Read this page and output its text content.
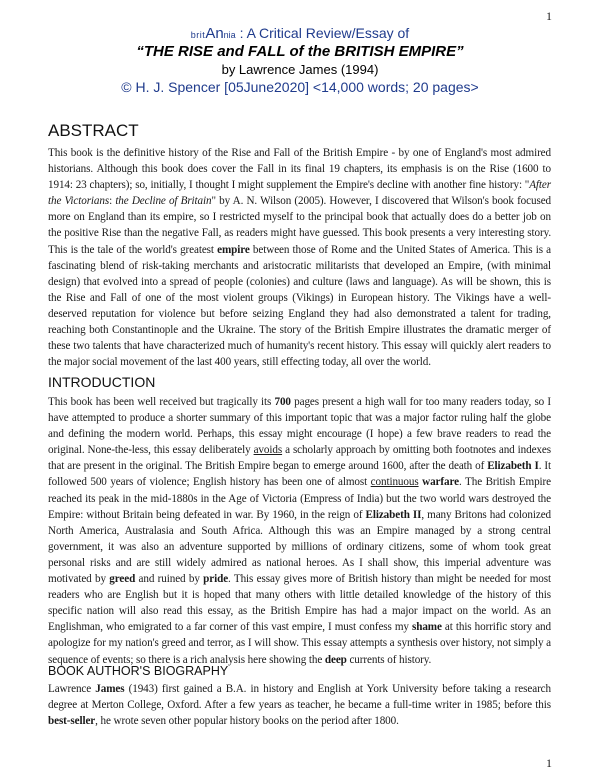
1
britAnnia : A Critical Review/Essay of
“THE RISE and FALL of the BRITISH EMPIRE”
by Lawrence James (1994)
© H. J. Spencer [05June2020] <14,000 words; 20 pages>
ABSTRACT

This book is the definitive history of the Rise and Fall of the British Empire - by one of England's most admired historians. Although this book does cover the Fall in its final 19 chapters, its emphasis is on the Rise (1600 to 1914: 23 chapters); so, initially, I thought I might supplement the Empire's decline with another fine history: "After the Victorians: the Decline of Britain" by A. N. Wilson (2005). However, I discovered that Wilson's book focused more on England than its empire, so I restricted myself to the principal book that actually does do a better job on the positive Rise than the negative Fall, as readers might have guessed. This book presents a very interesting story. This is the tale of the world's greatest empire between those of Rome and the United States of America. This is a fascinating blend of risk-taking merchants and aristocratic militarists that developed an Empire, (with minimal design) that evolved into a spread of people (colonies) and culture (laws and language). As will be shown, this is the Rise and Fall of one of the most violent groups (Vikings) in European history. The Vikings have a well-deserved reputation for violence but before seizing England they had also demonstrated a talent for trading, reaching both Constantinople and the Ukraine. The story of the British Empire illustrates the dramatic merger of these two talents that have characterized much of humanity's recent history. This essay will quickly alert readers to the major social movement of the last 400 years, still effecting today, all over the world.

INTRODUCTION

This book has been well received but tragically its 700 pages present a high wall for too many readers today, so I have attempted to produce a shorter summary of this important topic that was a major factor ruling half the globe and defining the modern world. Perhaps, this essay might encourage (I hope) a few brave readers to read the original. None-the-less, this essay deliberately avoids a scholarly approach by omitting both footnotes and indexes that are present in the original. The British Empire began to emerge around 1600, after the death of Elizabeth I. It followed 500 years of violence; English history has been one of almost continuous warfare. The British Empire reached its peak in the mid-1880s in the Age of Victoria (Empress of India) but the two world wars destroyed the Empire: without Britain being defeated in war. By 1960, in the reign of Elizabeth II, many Britons had colonized North America, Australasia and South Africa. Although this was an Empire managed by a strong central government, it was also an adventure supported by millions of ordinary citizens, some of whom took great personal risks and are still widely admired as national heroes. As I shall show, this imperial adventure was motivated by greed and ruined by pride. This essay gives more of British history than might be needed for most readers who are English but it is hoped that many others with little detailed knowledge of the history of this specific nation will also read this essay, as the British Empire has had a major impact on the world. As an Englishman, who emigrated to a far corner of this vast empire, I must confess my shame at this horrific story and apologize for my nation's greed and terror, as I will show. This essay attempts a synthesis over history, not simply a sequence of events; so there is a rich analysis here showing the deep currents of history.

BOOK AUTHOR'S BIOGRAPHY

Lawrence James (1943) first gained a B.A. in history and English at York University before taking a research degree at Merton College, Oxford. After a few years as teacher, he became a full-time writer in 1985; before this best-seller, he wrote seven other popular history books on the period after 1800.

1
